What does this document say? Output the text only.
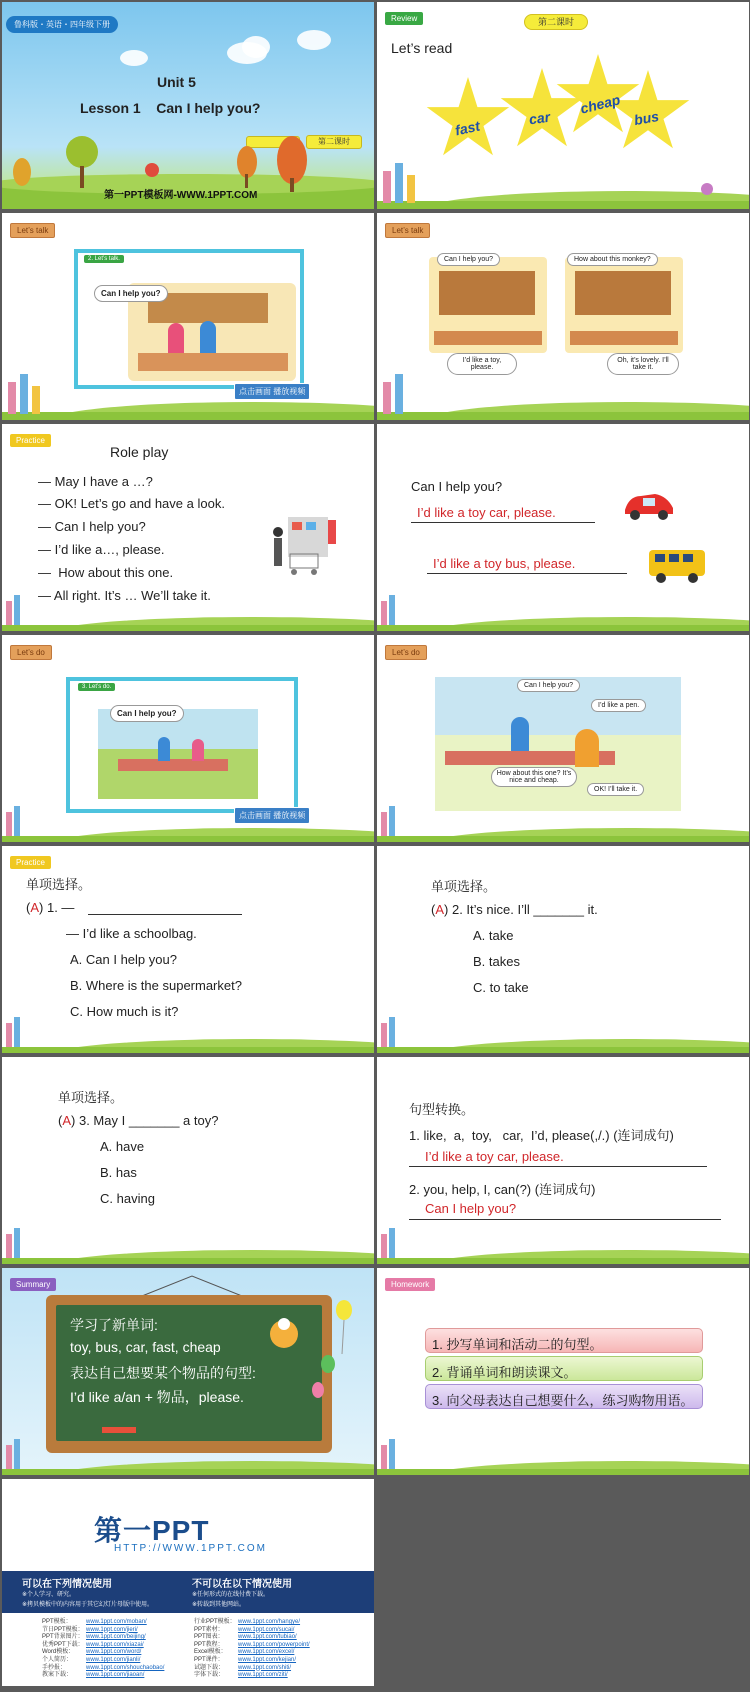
鲁科版・英语・四年级下册
Unit 5
Lesson 1    Can I help you?
第二课时
第一PPT模板网-WWW.1PPT.COM
Review	第二课时
Let’s read
fast	car
cheap
bus
Let’s talk
2. Let’s talk.
Can I help you?
点击画面 播放视频
Let’s talk
Can I help you?	How about this monkey?
I’d like a toy, please.
Oh, it’s lovely. I’ll take it.
Practice
Role play
— May I have a …?
— OK! Let’s go and have a look.
— Can I help you?
— I’d like a…, please.
—  How about this one.
— All right. It’s … We’ll take it.
Can I help you?
I’d like a toy car, please.
I’d like a toy bus, please.
Let’s do
3. Let’s do.
Can I help you?
点击画面 播放视频
Let’s do
Can I help you?
I’d like a pen.
How about this one? It’s nice and cheap.
OK! I’ll take it.
Practice
单项选择。
(A) 1. —
— I’d like a schoolbag.
A. Can I help you?
B. Where is the supermarket?
C. How much is it?
单项选择。
(A) 2. It’s nice. I’ll _______ it.
A. take
B. takes
C. to take
单项选择。
(A) 3. May I _______ a toy?
A. have
B. has
C. having
句型转换。
1. like,  a,  toy,   car,  I’d, please(,/.) (连词成句)
I’d like a toy car, please.
2. you, help, I, can(?) (连词成句)
Can I help you?
Summary
学习了新单词:
toy, bus, car, fast, cheap
表达自己想要某个物品的句型:
I’d like a/an + 物品，please.
Homework
1. 抄写单词和活动二的句型。
2. 背诵单词和朗读课文。
3. 向父母表达自己想要什么，练习购物用语。
第一PPT
HTTP://WWW.1PPT.COM
可以在下列情况使用
※个人学习、研究。
※拷贝模板中的内容用于其它幻灯片母版中使用。
不可以在以下情况使用
※任何形式的在线付费下载。
※转载到其他网站。
PPT模板： www.1ppt.com/moban/
节日PPT模板： www.1ppt.com/jieri/
PPT背景图片： www.1ppt.com/beijing/
优秀PPT下载： www.1ppt.com/xiazai/
Word模板： www.1ppt.com/word/
个人简历： www.1ppt.com/jianli/
手抄报：	www.1ppt.com/shouchaobao/
教案下载： www.1ppt.com/jiaoan/
行业PPT模板： www.1ppt.com/hangye/
PPT素材： www.1ppt.com/sucai/
PPT图表： www.1ppt.com/tubiao/
PPT教程： www.1ppt.com/powerpoint/
Excel模板： www.1ppt.com/excel/
PPT课件： www.1ppt.com/kejian/
试题下载： www.1ppt.com/shiti/
字体下载： www.1ppt.com/ziti/
